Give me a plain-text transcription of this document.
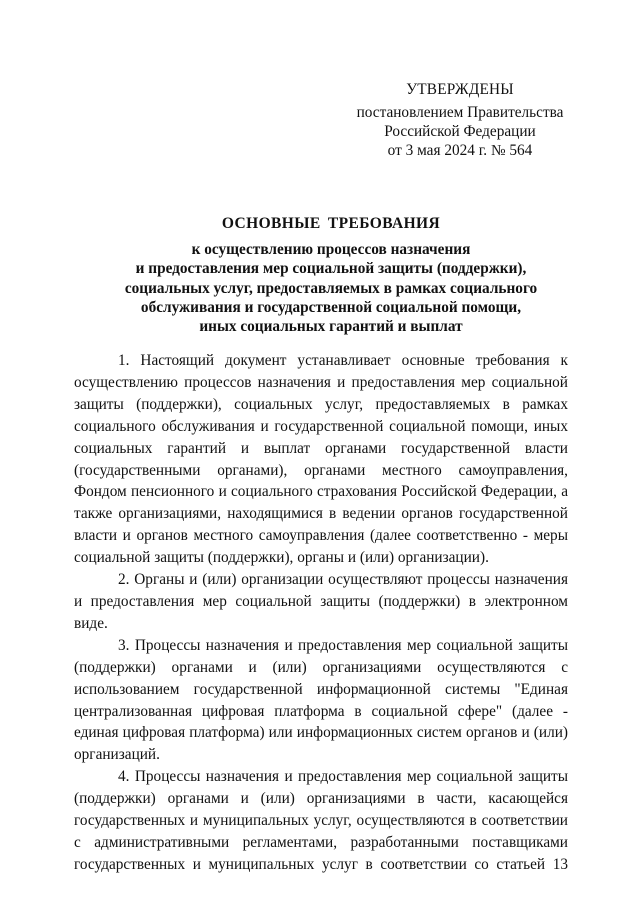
УТВЕРЖДЕНЫ
постановлением Правительства
Российской Федерации
от 3 мая 2024 г. № 564
ОСНОВНЫЕ ТРЕБОВАНИЯ
к осуществлению процессов назначения
и предоставления мер социальной защиты (поддержки),
социальных услуг, предоставляемых в рамках социального
обслуживания и государственной социальной помощи,
иных социальных гарантий и выплат

1. Настоящий документ устанавливает основные требования к осуществлению процессов назначения и предоставления мер социальной защиты (поддержки), социальных услуг, предоставляемых в рамках социального обслуживания и государственной социальной помощи, иных социальных гарантий и выплат органами государственной власти (государственными органами), органами местного самоуправления, Фондом пенсионного и социального страхования Российской Федерации, а также организациями, находящимися в ведении органов государственной власти и органов местного самоуправления (далее соответственно - меры социальной защиты (поддержки), органы и (или) организации).

2. Органы и (или) организации осуществляют процессы назначения и предоставления мер социальной защиты (поддержки) в электронном виде.

3. Процессы назначения и предоставления мер социальной защиты (поддержки) органами и (или) организациями осуществляются с использованием государственной информационной системы "Единая централизованная цифровая платформа в социальной сфере" (далее - единая цифровая платформа) или информационных систем органов и (или) организаций.

4. Процессы назначения и предоставления мер социальной защиты (поддержки) органами и (или) организациями в части, касающейся государственных и муниципальных услуг, осуществляются в соответствии с административными регламентами, разработанными поставщиками государственных и муниципальных услуг в соответствии со статьей 13
